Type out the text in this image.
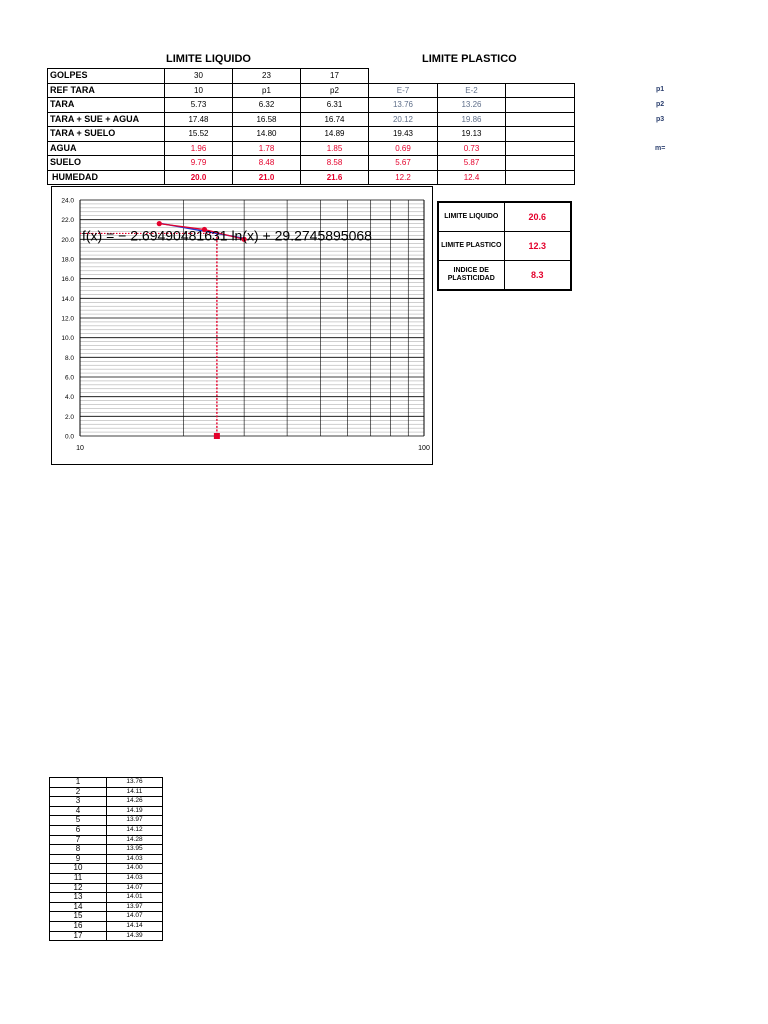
LIMITE LIQUIDO	LIMITE PLASTICO
GOLPES	30	23	17			
REF TARA	10	p1	p2	E-7	E-2	
TARA	5.73	6.32	6.31	13.76	13.26	
TARA + SUE + AGUA	17.48	16.58	16.74	20.12	19.86	
TARA + SUELO	15.52	14.80	14.89	19.43	19.13	
AGUA	1.96	1.78	1.85	0.69	0.73	
SUELO	9.79	8.48	8.58	5.67	5.87	
HUMEDAD	20.0	21.0	21.6	12.2	12.4	
p1
p2
p3
m=
0.0
2.0
4.0
6.0
8.0
10.0
12.0
14.0
16.0
18.0
20.0
22.0
24.0
10	100
f(x) = − 2.69490481631 ln(x) + 29.2745895068
LIMITE LIQUIDO	20.6
LIMITE PLASTICO	12.3
INDICE DE PLASTICIDAD	8.3
1	13.76
2	14.11
3	14.26
4	14.19
5	13.97
6	14.12
7	14.28
8	13.95
9	14.03
10	14.00
11	14.03
12	14.07
13	14.01
14	13.97
15	14.07
16	14.14
17	14.39
